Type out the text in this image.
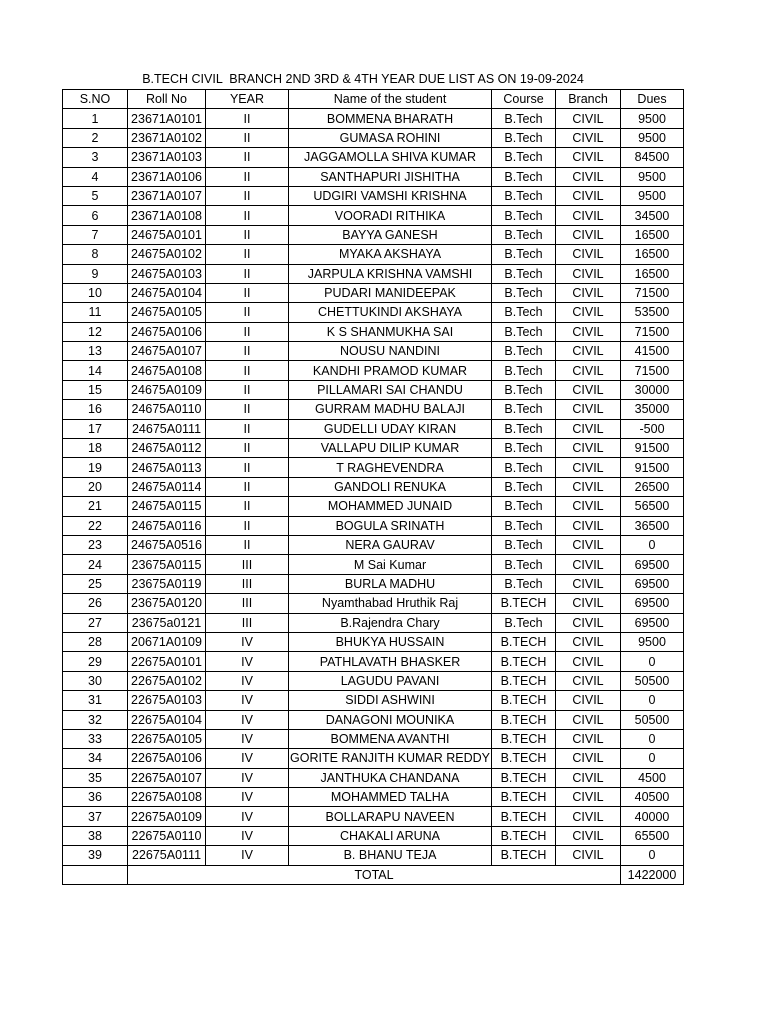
B.TECH CIVIL  BRANCH 2ND 3RD & 4TH YEAR DUE LIST AS ON 19-09-2024
S.NO	Roll No	YEAR	Name of the student	Course	Branch	Dues
1	23671A0101	II	BOMMENA BHARATH	B.Tech	CIVIL	9500
2	23671A0102	II	GUMASA ROHINI	B.Tech	CIVIL	9500
3	23671A0103	II	JAGGAMOLLA SHIVA KUMAR	B.Tech	CIVIL	84500
4	23671A0106	II	SANTHAPURI JISHITHA	B.Tech	CIVIL	9500
5	23671A0107	II	UDGIRI VAMSHI KRISHNA	B.Tech	CIVIL	9500
6	23671A0108	II	VOORADI RITHIKA	B.Tech	CIVIL	34500
7	24675A0101	II	BAYYA GANESH	B.Tech	CIVIL	16500
8	24675A0102	II	MYAKA AKSHAYA	B.Tech	CIVIL	16500
9	24675A0103	II	JARPULA KRISHNA VAMSHI	B.Tech	CIVIL	16500
10	24675A0104	II	PUDARI MANIDEEPAK	B.Tech	CIVIL	71500
11	24675A0105	II	CHETTUKINDI AKSHAYA	B.Tech	CIVIL	53500
12	24675A0106	II	K S SHANMUKHA SAI	B.Tech	CIVIL	71500
13	24675A0107	II	NOUSU NANDINI	B.Tech	CIVIL	41500
14	24675A0108	II	KANDHI PRAMOD KUMAR	B.Tech	CIVIL	71500
15	24675A0109	II	PILLAMARI SAI CHANDU	B.Tech	CIVIL	30000
16	24675A0110	II	GURRAM MADHU BALAJI	B.Tech	CIVIL	35000
17	24675A0111	II	GUDELLI UDAY KIRAN	B.Tech	CIVIL	-500
18	24675A0112	II	VALLAPU DILIP KUMAR	B.Tech	CIVIL	91500
19	24675A0113	II	T RAGHEVENDRA	B.Tech	CIVIL	91500
20	24675A0114	II	GANDOLI RENUKA	B.Tech	CIVIL	26500
21	24675A0115	II	MOHAMMED JUNAID	B.Tech	CIVIL	56500
22	24675A0116	II	BOGULA SRINATH	B.Tech	CIVIL	36500
23	24675A0516	II	NERA GAURAV	B.Tech	CIVIL	0
24	23675A0115	III	M Sai Kumar	B.Tech	CIVIL	69500
25	23675A0119	III	BURLA MADHU	B.Tech	CIVIL	69500
26	23675A0120	III	Nyamthabad Hruthik Raj	B.TECH	CIVIL	69500
27	23675a0121	III	B.Rajendra Chary	B.Tech	CIVIL	69500
28	20671A0109	IV	BHUKYA HUSSAIN	B.TECH	CIVIL	9500
29	22675A0101	IV	PATHLAVATH BHASKER	B.TECH	CIVIL	0
30	22675A0102	IV	LAGUDU PAVANI	B.TECH	CIVIL	50500
31	22675A0103	IV	SIDDI ASHWINI	B.TECH	CIVIL	0
32	22675A0104	IV	DANAGONI MOUNIKA	B.TECH	CIVIL	50500
33	22675A0105	IV	BOMMENA AVANTHI	B.TECH	CIVIL	0
34	22675A0106	IV	GORITE RANJITH KUMAR REDDY	B.TECH	CIVIL	0
35	22675A0107	IV	JANTHUKA CHANDANA	B.TECH	CIVIL	4500
36	22675A0108	IV	MOHAMMED TALHA	B.TECH	CIVIL	40500
37	22675A0109	IV	BOLLARAPU NAVEEN	B.TECH	CIVIL	40000
38	22675A0110	IV	CHAKALI ARUNA	B.TECH	CIVIL	65500
39	22675A0111	IV	B. BHANU TEJA	B.TECH	CIVIL	0
	TOTAL					1422000
